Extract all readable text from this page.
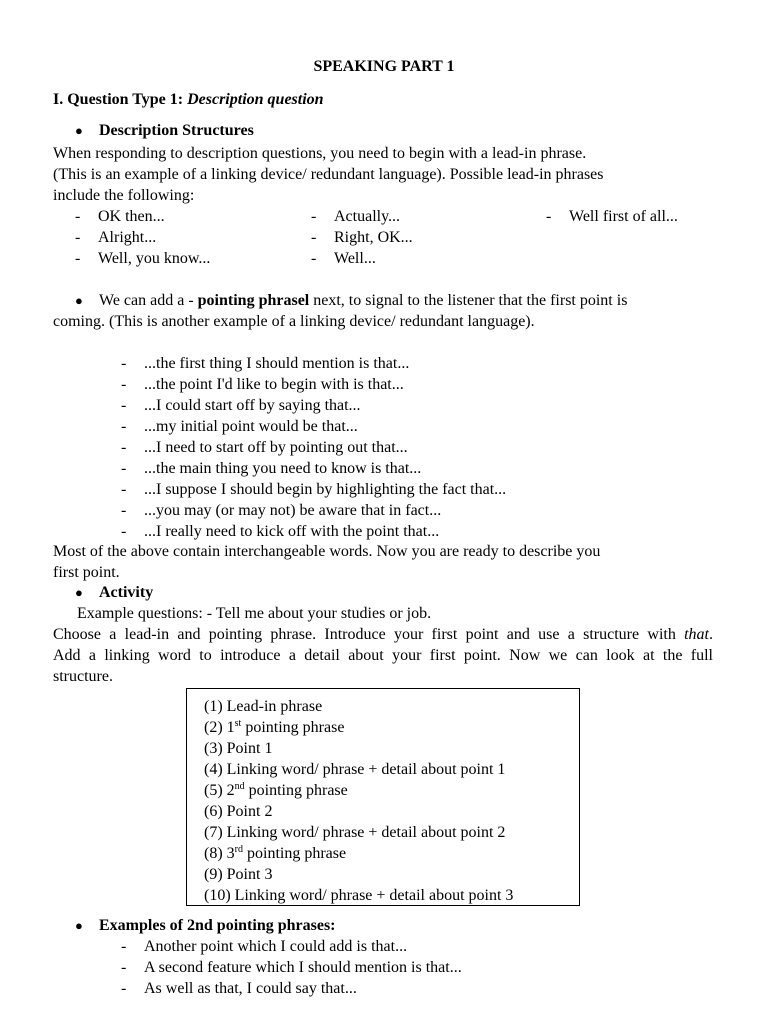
SPEAKING PART 1
I. Question Type 1: Description question
● Description Structures
When responding to description questions, you need to begin with a lead-in phrase.
(This is an example of a linking device/ redundant language). Possible lead-in phrases
include the following:
- OK then...	- Actually...	- Well first of all...
- Alright...	- Right, OK...
- Well, you know...	- Well...
● We can add a - pointing phrasel next, to signal to the listener that the first point is
coming. (This is another example of a linking device/ redundant language).
- ...the first thing I should mention is that...
- ...the point I'd like to begin with is that...
- ...I could start off by saying that...
- ...my initial point would be that...
- ...I need to start off by pointing out that...
- ...the main thing you need to know is that...
- ...I suppose I should begin by highlighting the fact that...
- ...you may (or may not) be aware that in fact...
- ...I really need to kick off with the point that...
Most of the above contain interchangeable words. Now you are ready to describe you
first point.
● Activity
Example questions: - Tell me about your studies or job.
Choose a lead-in and pointing phrase. Introduce your first point and use a structure with that.
Add a linking word to introduce a detail about your first point. Now we can look at the full
structure.
(1) Lead-in phrase
(2) 1st pointing phrase
(3) Point 1
(4) Linking word/ phrase + detail about point 1
(5) 2nd pointing phrase
(6) Point 2
(7) Linking word/ phrase + detail about point 2
(8) 3rd pointing phrase
(9) Point 3
(10) Linking word/ phrase + detail about point 3
● Examples of 2nd pointing phrases:
- Another point which I could add is that...
- A second feature which I should mention is that...
- As well as that, I could say that...
